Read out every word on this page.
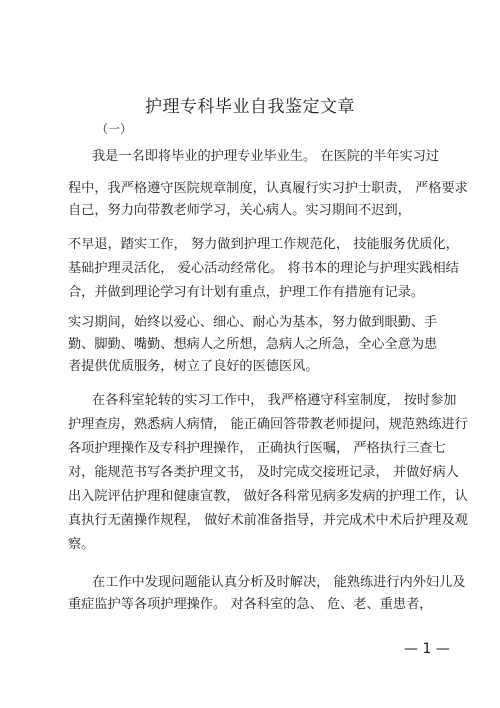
护理专科毕业自我鉴定文章
（一）
我是一名即将毕业的护理专业毕业生。 在医院的半年实习过
程中，我严格遵守医院规章制度，认真履行实习护士职责， 严格要求
自己，努力向带教老师学习，关心病人。实习期间不迟到，
不早退，踏实工作， 努力做到护理工作规范化， 技能服务优质化，
基础护理灵活化， 爱心活动经常化。 将书本的理论与护理实践相结
合，并做到理论学习有计划有重点，护理工作有措施有记录。
实习期间，始终以爱心、细心、耐心为基本，努力做到眼勤、手
勤、脚勤、嘴勤、想病人之所想，急病人之所急，全心全意为患
者提供优质服务，树立了良好的医德医风。
在各科室轮转的实习工作中， 我严格遵守科室制度， 按时参加
护理查房，熟悉病人病情， 能正确回答带教老师提问，规范熟练进行
各项护理操作及专科护理操作， 正确执行医嘱， 严格执行三查七
对，能规范书写各类护理文书， 及时完成交接班记录， 并做好病人
出入院评估护理和健康宣教， 做好各科常见病多发病的护理工作，认
真执行无菌操作规程， 做好术前准备指导，并完成术中术后护理及观
察。
在工作中发现问题能认真分析及时解决， 能熟练进行内外妇儿及
重症监护等各项护理操作。 对各科室的急、 危、老、重患者，
— 1 —
